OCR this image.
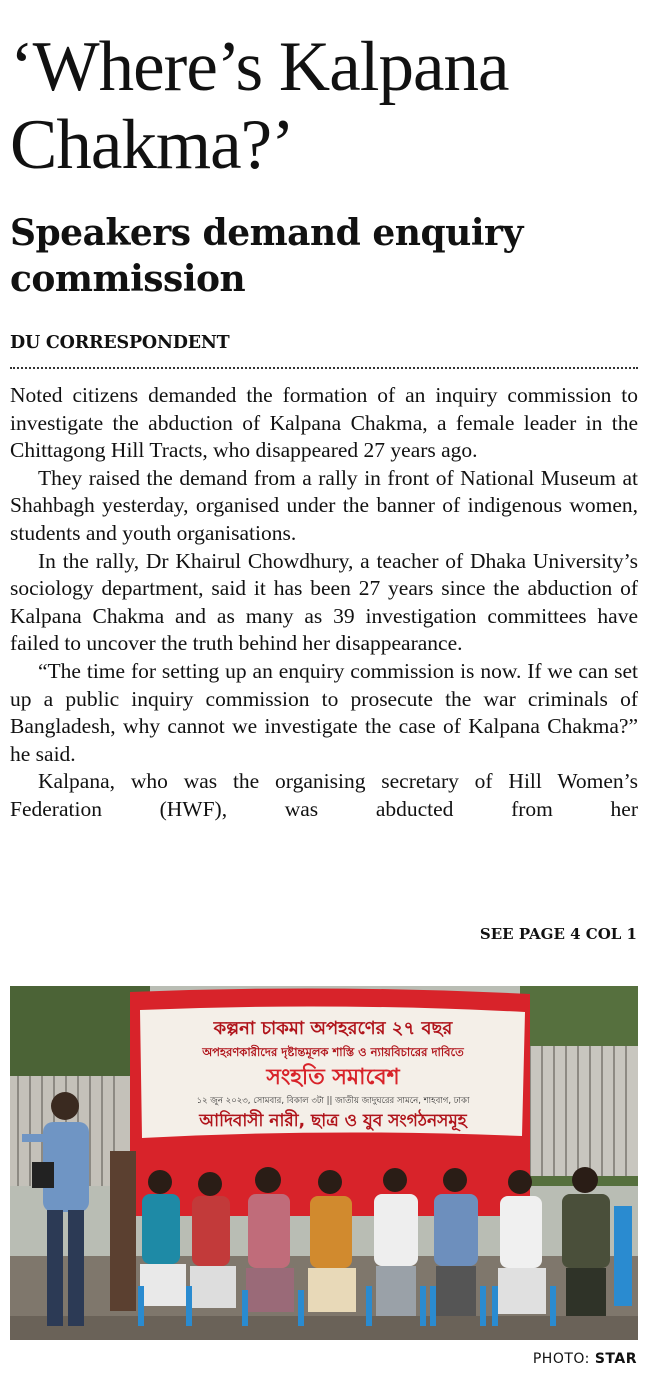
‘Where’s Kalpana Chakma?’
Speakers demand enquiry commission
DU CORRESPONDENT

Noted citizens demanded the formation of an inquiry commission to investigate the abduction of Kalpana Chakma, a female leader in the Chittagong Hill Tracts, who disappeared 27 years ago.

They raised the demand from a rally in front of National Museum at Shahbagh yesterday, organised under the banner of indigenous women, students and youth organisations.

In the rally, Dr Khairul Chowdhury, a teacher of Dhaka University’s sociology department, said it has been 27 years since the abduction of Kalpana Chakma and as many as 39 investigation committees have failed to uncover the truth behind her disappearance.

“The time for setting up an enquiry commission is now. If we can set up a public inquiry commission to prosecute the war criminals of Bangladesh, why cannot we investigate the case of Kalpana Chakma?” he said.

Kalpana, who was the organising secretary of Hill Women’s Federation (HWF), was abducted from her

SEE PAGE 4 COL 1
কল্পনা চাকমা অপহরণের ২৭ বছর
অপহরণকারীদের দৃষ্টান্তমূলক শাস্তি ও ন্যায়বিচারের দাবিতে
সংহতি সমাবেশ
১২ জুন ২০২৩, সোমবার, বিকাল ৩টা || জাতীয় জাদুঘরের সামনে, শাহবাগ, ঢাকা
আদিবাসী নারী, ছাত্র ও যুব সংগঠনসমূহ
PHOTO: STAR
